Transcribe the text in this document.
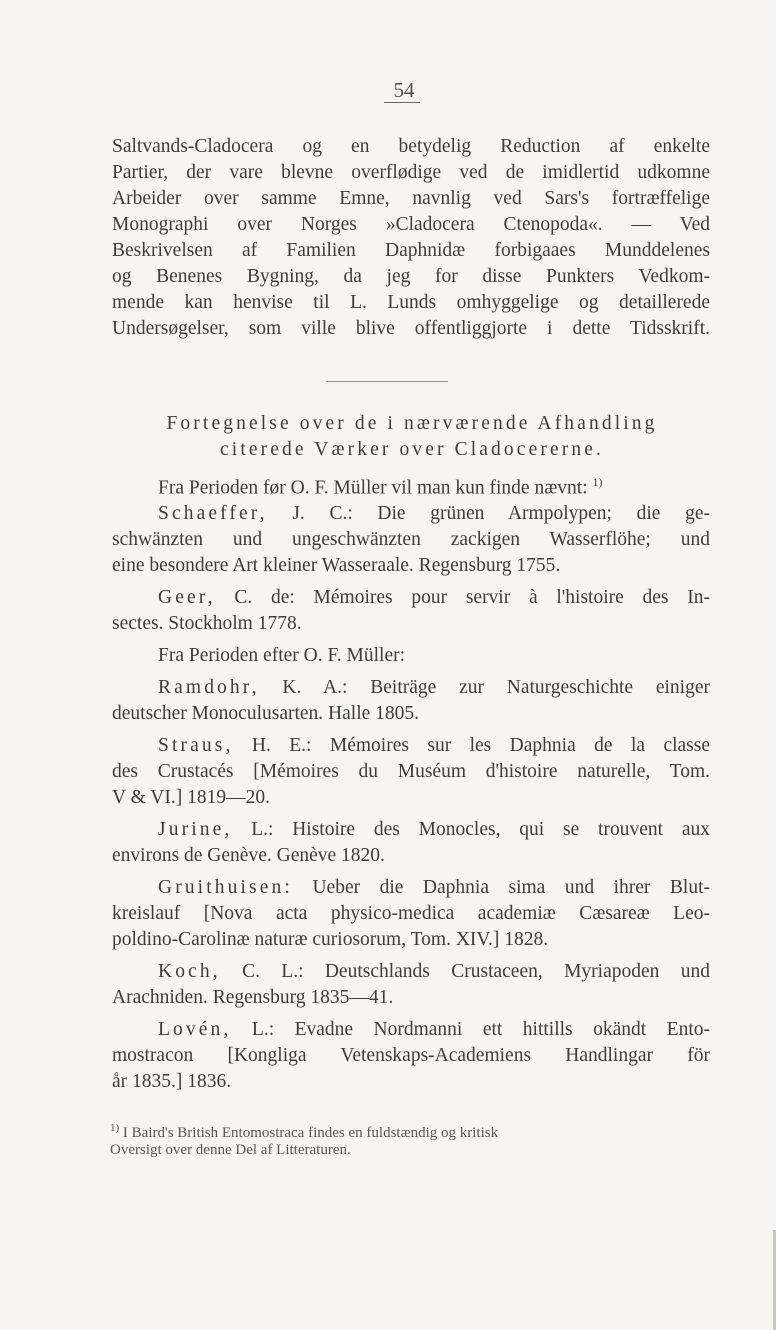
54
Saltvands-Cladocera og en betydelig Reduction af enkelte
Partier, der vare blevne overflødige ved de imidlertid udkomne
Arbeider over samme Emne, navnlig ved Sars's fortræffelige
Monographi over Norges »Cladocera Ctenopoda«. — Ved
Beskrivelsen af Familien Daphnidæ forbigaaes Munddelenes
og Benenes Bygning, da jeg for disse Punkters Vedkom-
mende kan henvise til L. Lunds omhyggelige og detaillerede
Undersøgelser, som ville blive offentliggjorte i dette Tidsskrift.
Fortegnelse over de i nærværende Afhandling
citerede Værker over Cladocererne.
Fra Perioden før O. F. Müller vil man kun finde nævnt: $^{1)}$
Schaeffer, J. C.: Die grünen Armpolypen; die ge-
schwänzten und ungeschwänzten zackigen Wasserflöhe; und
eine besondere Art kleiner Wasseraale. Regensburg 1755.
Geer, C. de: Mémoires pour servir à l'histoire des In-
sectes. Stockholm 1778.
Fra Perioden efter O. F. Müller:
Ramdohr, K. A.: Beiträge zur Naturgeschichte einiger
deutscher Monoculusarten. Halle 1805.
Straus, H. E.: Mémoires sur les Daphnia de la classe
des Crustacés [Mémoires du Muséum d'histoire naturelle, Tom.
V & VI.] 1819—20.
Jurine, L.: Histoire des Monocles, qui se trouvent aux
environs de Genève. Genève 1820.
Gruithuisen: Ueber die Daphnia sima und ihrer Blut-
kreislauf [Nova acta physico-medica academiæ Cæsareæ Leo-
poldino-Carolinæ naturæ curiosorum, Tom. XIV.] 1828.
Koch, C. L.: Deutschlands Crustaceen, Myriapoden und
Arachniden. Regensburg 1835—41.
Lovén, L.: Evadne Nordmanni ett hittills okändt Ento-
mostracon [Kongliga Vetenskaps-Academiens Handlingar för
år 1835.] 1836.
$^{1)}$ I Baird's British Entomostraca findes en fuldstændig og kritisk
Oversigt over denne Del af Litteraturen.
